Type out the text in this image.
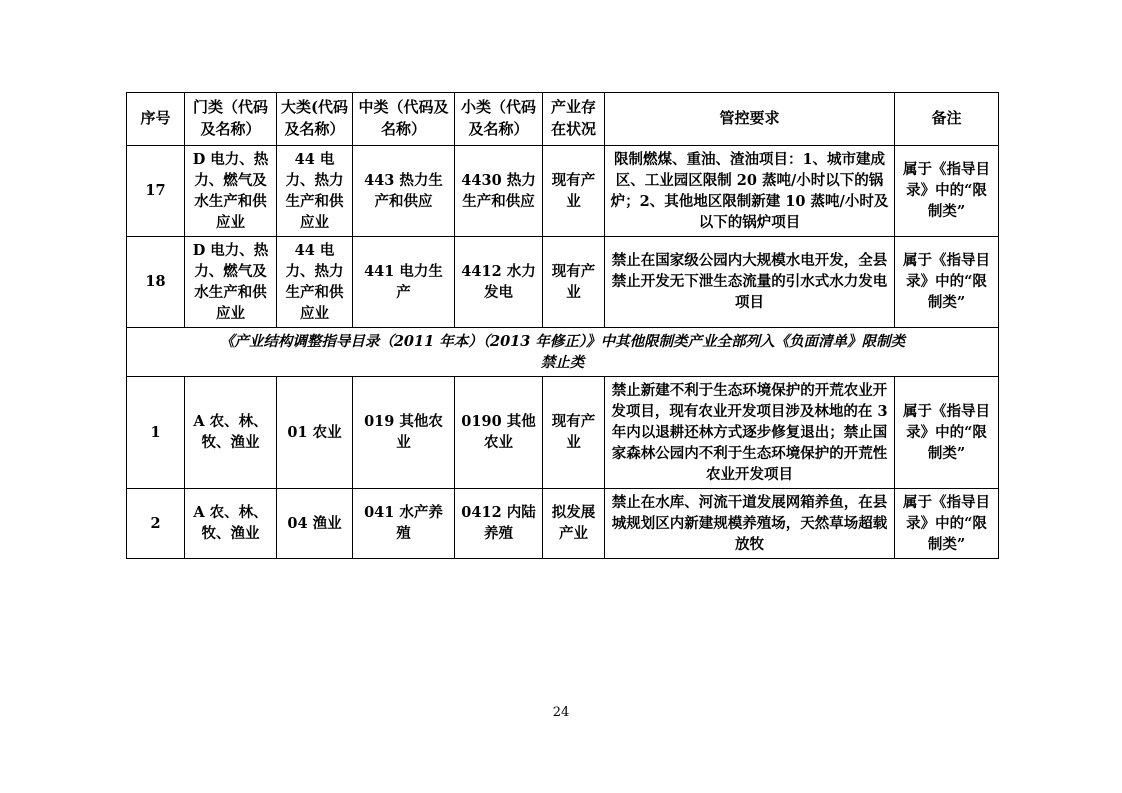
序号	门类（代码及名称）	大类(代码及名称）	中类（代码及名称）	小类（代码及名称）	产业存在状况	管控要求	备注
17	D 电力、热力、燃气及水生产和供应业	44 电力、热力生产和供应业	443 热力生产和供应	4430 热力生产和供应	现有产业	限制燃煤、重油、渣油项目：1、城市建成区、工业园区限制 20 蒸吨/小时以下的锅炉；2、其他地区限制新建 10 蒸吨/小时及以下的锅炉项目	属于《指导目录》中的“限制类”
18	D 电力、热力、燃气及水生产和供应业	44 电力、热力生产和供应业	441 电力生产	4412 水力发电	现有产业	禁止在国家级公园内大规模水电开发，全县禁止开发无下泄生态流量的引水式水力发电项目	属于《指导目录》中的“限制类”
《产业结构调整指导目录（2011 年本）（2013 年修正）》中其他限制类产业全部列入《负面清单》限制类
禁止类							

1	A 农、林、牧、渔业	01 农业	019 其他农业	0190 其他农业	现有产业	禁止新建不利于生态环境保护的开荒农业开发项目，现有农业开发项目涉及林地的在 3 年内以退耕还林方式逐步修复退出；禁止国家森林公园内不利于生态环境保护的开荒性农业开发项目	属于《指导目录》中的“限制类”
2	A 农、林、牧、渔业	04 渔业	041 水产养殖	0412 内陆养殖	拟发展产业	禁止在水库、河流干道发展网箱养鱼，在县城规划区内新建规模养殖场，天然草场超载放牧	属于《指导目录》中的“限制类”
24
